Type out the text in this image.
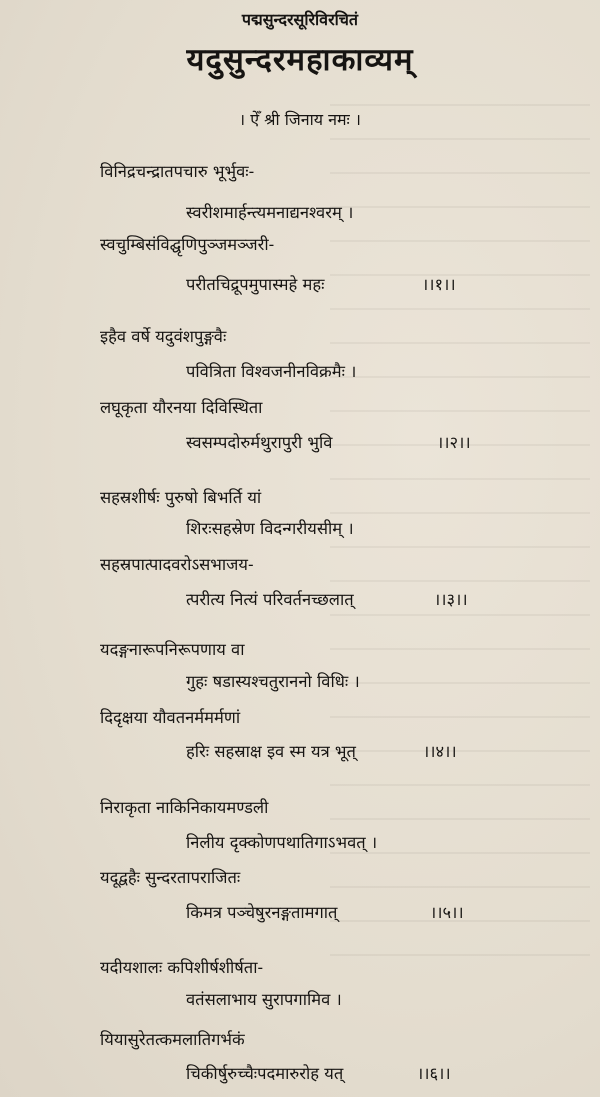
पद्मसुन्दरसूरिविरचितं
यदुसुन्दरमहाकाव्यम्
। ऐँ श्री जिनाय नमः ।
विनिद्रचन्द्रातपचारु भूर्भुवः-
स्वरीशमार्हन्त्यमनाद्यनश्वरम् ।
स्वचुम्बिसंविद्घृणिपुञ्जमञ्जरी-
परीतचिद्रूपमुपास्महे महः	।।१।।
इहैव वर्षे यदुवंशपुङ्गवैः
पवित्रिता विश्वजनीनविक्रमैः ।
लघूकृता यौरनया दिविस्थिता
स्वसम्पदोरुर्मथुरापुरी भुवि	।।२।।
सहस्रशीर्षः पुरुषो बिभर्ति यां
शिरःसहस्रेण विदन्गरीयसीम् ।
सहस्रपात्पादवरोऽसभाजय-
त्परीत्य नित्यं परिवर्तनच्छलात्	।।३।।
यदङ्गनारूपनिरूपणाय वा
गुहः षडास्यश्चतुराननो विधिः ।
दिदृक्षया यौवतनर्ममर्मणां
हरिः सहस्राक्ष इव स्म यत्र भूत्	।।४।।
निराकृता नाकिनिकायमण्डली
निलीय दृक्कोणपथातिगाऽभवत् ।
यदूद्वहैः सुन्दरतापराजितः
किमत्र पञ्चेषुरनङ्गतामगात्	।।५।।
यदीयशालः कपिशीर्षशीर्षता-
वतंसलाभाय सुरापगामिव ।
यियासुरेतत्कमलातिगर्भकं
चिकीर्षुरुच्चैःपदमारुरोह यत्	।।६।।
